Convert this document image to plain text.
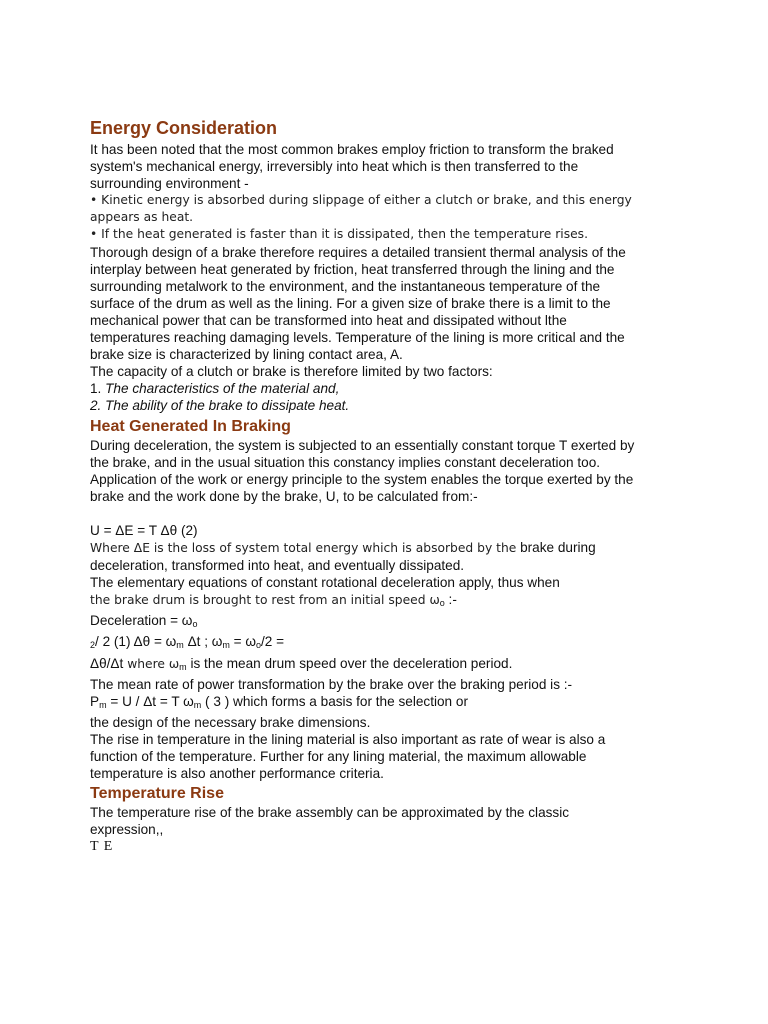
Energy Consideration

It has been noted that the most common brakes employ friction to transform the braked system's mechanical energy, irreversibly into heat which is then transferred to the surrounding environment -

• Kinetic energy is absorbed during slippage of either a clutch or brake, and this energy appears as heat.

• If the heat generated is faster than it is dissipated, then the temperature rises.

Thorough design of a brake therefore requires a detailed transient thermal analysis of the interplay between heat generated by friction, heat transferred through the lining and the surrounding metalwork to the environment, and the instantaneous temperature of the surface of the drum as well as the lining. For a given size of brake there is a limit to the mechanical power that can be transformed into heat and dissipated without lthe temperatures reaching damaging levels. Temperature of the lining is more critical and the brake size is characterized by lining contact area, A.

The capacity of a clutch or brake is therefore limited by two factors:

1. The characteristics of the material and,

2. The ability of the brake to dissipate heat.

Heat Generated In Braking

During deceleration, the system is subjected to an essentially constant torque T exerted by the brake, and in the usual situation this constancy implies constant deceleration too.

Application of the work or energy principle to the system enables the torque exerted by the brake and the work done by the brake, U, to be calculated from:-

U = ΔE = T Δθ (2)

Where ΔE is the loss of system total energy which is absorbed by the brake during deceleration, transformed into heat, and eventually dissipated.

The elementary equations of constant rotational deceleration apply, thus when

the brake drum is brought to rest from an initial speed $\omega_o$ :-

Deceleration = $\omega_o$

$_2$/ 2 (1) $\Delta\theta = \omega_m$ Δt ; $\omega_m = \omega_o/2$ =

Δθ/Δt where $\omega_m$ is the mean drum speed over the deceleration period.

The mean rate of power transformation by the brake over the braking period is :-

$P_m = U / \Delta t = T$ $\omega_m$ ( 3 ) which forms a basis for the selection or

the design of the necessary brake dimensions.

The rise in temperature in the lining material is also important as rate of wear is also a function of the temperature. Further for any lining material, the maximum allowable temperature is also another performance criteria.

Temperature Rise

The temperature rise of the brake assembly can be approximated by the classic expression,,

T E
